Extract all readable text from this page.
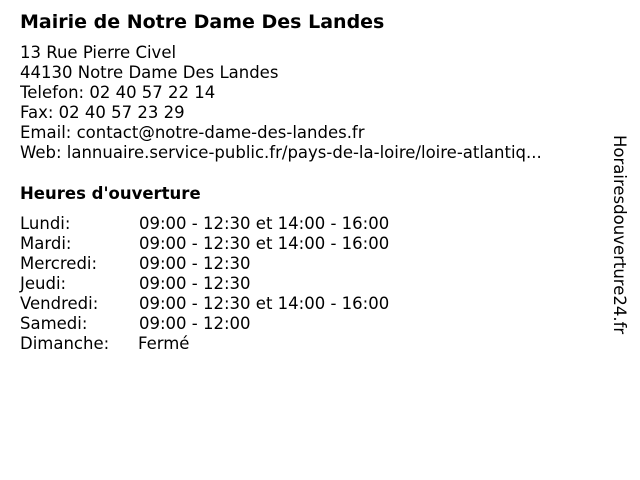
Mairie de Notre Dame Des Landes
13 Rue Pierre Civel
44130 Notre Dame Des Landes
Telefon: 02 40 57 22 14
Fax: 02 40 57 23 29
Email: contact@notre-dame-des-landes.fr
Web: lannuaire.service-public.fr/pays-de-la-loire/loire-atlantiq...
Heures d'ouverture
Lundi:	09:00 - 12:30 et 14:00 - 16:00
Mardi:	09:00 - 12:30 et 14:00 - 16:00
Mercredi:	09:00 - 12:30
Jeudi:	09:00 - 12:30
Vendredi: 09:00 - 12:30 et 14:00 - 16:00
Samedi:	09:00 - 12:00
Dimanche: Fermé
Horairesdouverture24.fr
